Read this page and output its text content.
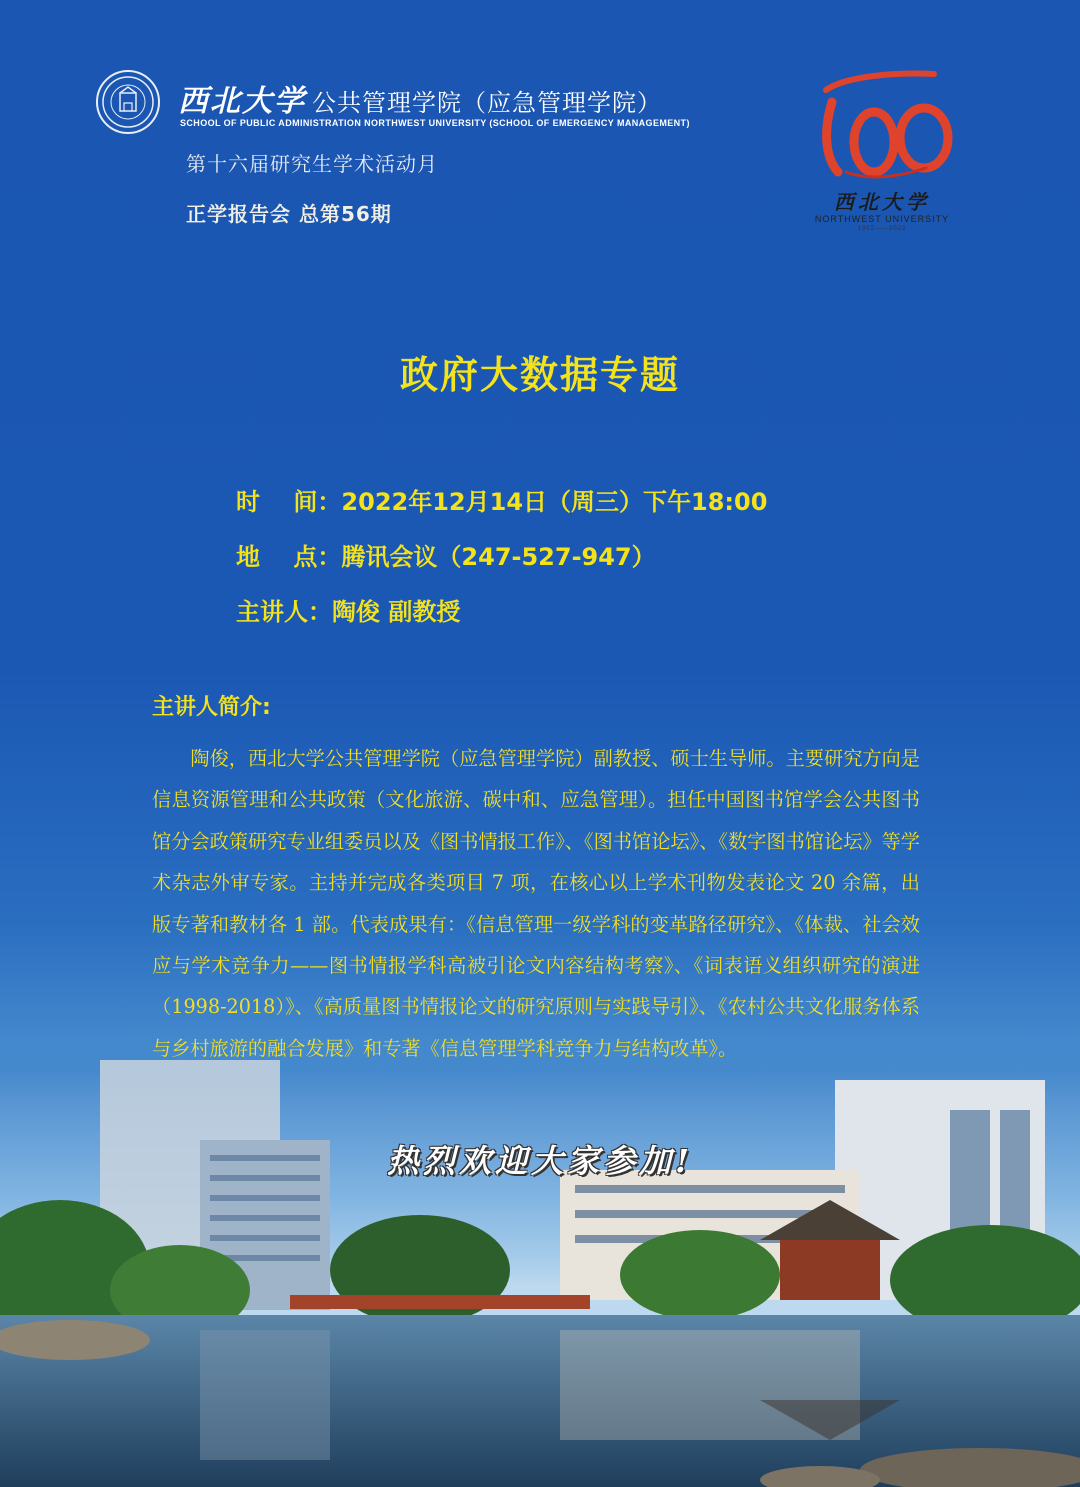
西北大学 公共管理学院（应急管理学院）
SCHOOL OF PUBLIC ADMINISTRATION NORTHWEST UNIVERSITY (SCHOOL OF EMERGENCY MANAGEMENT)
第十六届研究生学术活动月
正学报告会 总第56期	西北大学
NORTHWEST UNIVERSITY
1902——2022
政府大数据专题
时    间：2022年12月14日（周三）下午18:00
地    点：腾讯会议（247-527-947）
主讲人：陶俊 副教授
主讲人简介:

陶俊，西北大学公共管理学院（应急管理学院）副教授、硕士生导师。主要研究方向是信息资源管理和公共政策（文化旅游、碳中和、应急管理）。担任中国图书馆学会公共图书馆分会政策研究专业组委员以及《图书情报工作》、《图书馆论坛》、《数字图书馆论坛》等学术杂志外审专家。主持并完成各类项目 7 项，在核心以上学术刊物发表论文 20 余篇，出版专著和教材各 1 部。代表成果有：《信息管理一级学科的变革路径研究》、《体裁、社会效应与学术竞争力——图书情报学科高被引论文内容结构考察》、《词表语义组织研究的演进（1998-2018）》、《高质量图书情报论文的研究原则与实践导引》、《农村公共文化服务体系与乡村旅游的融合发展》和专著《信息管理学科竞争力与结构改革》。

热烈欢迎大家参加!
